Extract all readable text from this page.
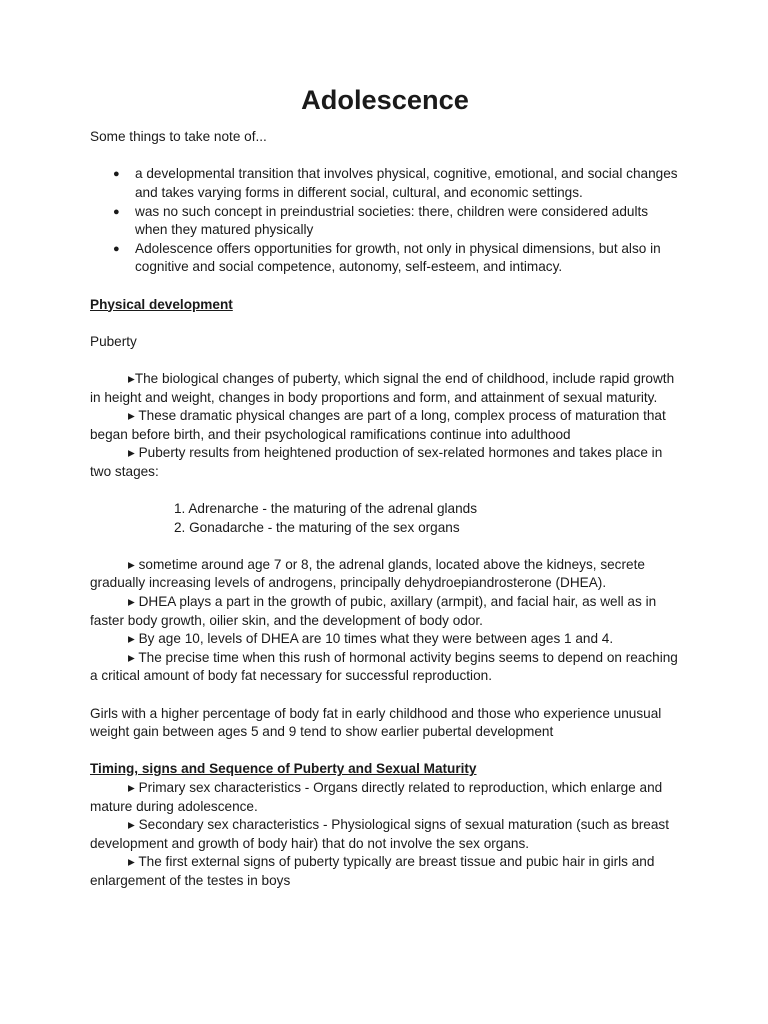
Adolescence

Some things to take note of...

● a developmental transition that involves physical, cognitive, emotional, and social changes and takes varying forms in different social, cultural, and economic settings.
● was no such concept in preindustrial societies: there, children were considered adults when they matured physically
● Adolescence offers opportunities for growth, not only in physical dimensions, but also in cognitive and social competence, autonomy, self-esteem, and intimacy.

Physical development

Puberty

▸The biological changes of puberty, which signal the end of childhood, include rapid growth in height and weight, changes in body proportions and form, and attainment of sexual maturity.

▸ These dramatic physical changes are part of a long, complex process of maturation that began before birth, and their psychological ramifications continue into adulthood

▸ Puberty results from heightened production of sex-related hormones and takes place in two stages:

1. Adrenarche - the maturing of the adrenal glands
2. Gonadarche - the maturing of the sex organs

▸ sometime around age 7 or 8, the adrenal glands, located above the kidneys, secrete gradually increasing levels of androgens, principally dehydroepiandrosterone (DHEA).

▸ DHEA plays a part in the growth of pubic, axillary (armpit), and facial hair, as well as in faster body growth, oilier skin, and the development of body odor.

▸ By age 10, levels of DHEA are 10 times what they were between ages 1 and 4.

▸ The precise time when this rush of hormonal activity begins seems to depend on reaching a critical amount of body fat necessary for successful reproduction.

Girls with a higher percentage of body fat in early childhood and those who experience unusual weight gain between ages 5 and 9 tend to show earlier pubertal development

Timing, signs and Sequence of Puberty and Sexual Maturity

▸ Primary sex characteristics - Organs directly related to reproduction, which enlarge and mature during adolescence.

▸ Secondary sex characteristics - Physiological signs of sexual maturation (such as breast development and growth of body hair) that do not involve the sex organs.

▸ The first external signs of puberty typically are breast tissue and pubic hair in girls and enlargement of the testes in boys
